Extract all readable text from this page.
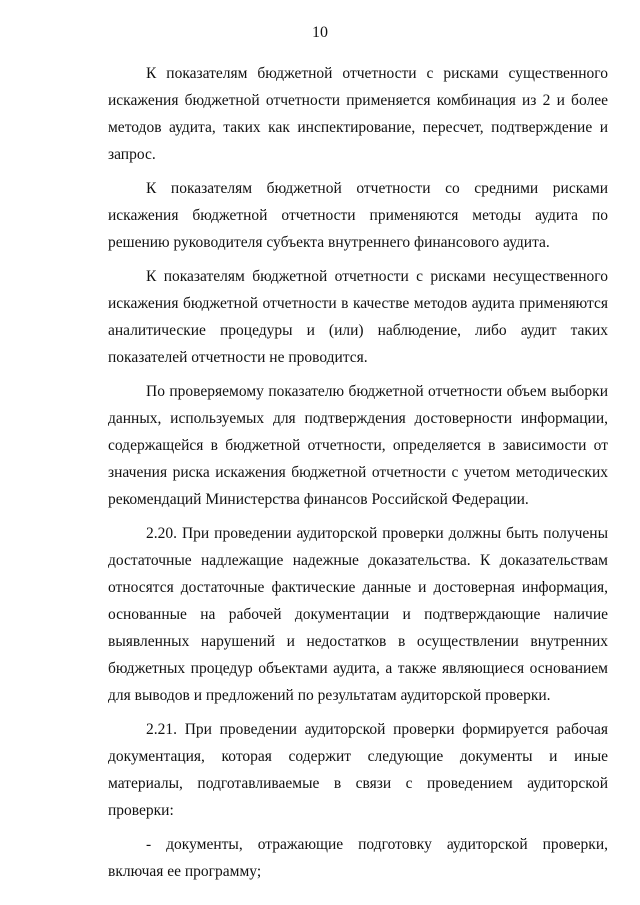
10

К показателям бюджетной отчетности с рисками существенного искажения бюджетной отчетности применяется комбинация из 2 и более методов аудита, таких как инспектирование, пересчет, подтверждение и запрос.

К показателям бюджетной отчетности со средними рисками искажения бюджетной отчетности применяются методы аудита по решению руководителя субъекта внутреннего финансового аудита.

К показателям бюджетной отчетности с рисками несущественного искажения бюджетной отчетности в качестве методов аудита применяются аналитические процедуры и (или) наблюдение, либо аудит таких показателей отчетности не проводится.

По проверяемому показателю бюджетной отчетности объем выборки данных, используемых для подтверждения достоверности информации, содержащейся в бюджетной отчетности, определяется в зависимости от значения риска искажения бюджетной отчетности с учетом методических рекомендаций Министерства финансов Российской Федерации.

2.20. При проведении аудиторской проверки должны быть получены достаточные надлежащие надежные доказательства. К доказательствам относятся достаточные фактические данные и достоверная информация, основанные на рабочей документации и подтверждающие наличие выявленных нарушений и недостатков в осуществлении внутренних бюджетных процедур объектами аудита, а также являющиеся основанием для выводов и предложений по результатам аудиторской проверки.

2.21. При проведении аудиторской проверки формируется рабочая документация, которая содержит следующие документы и иные материалы, подготавливаемые в связи с проведением аудиторской проверки:

- документы, отражающие подготовку аудиторской проверки, включая ее программу;
